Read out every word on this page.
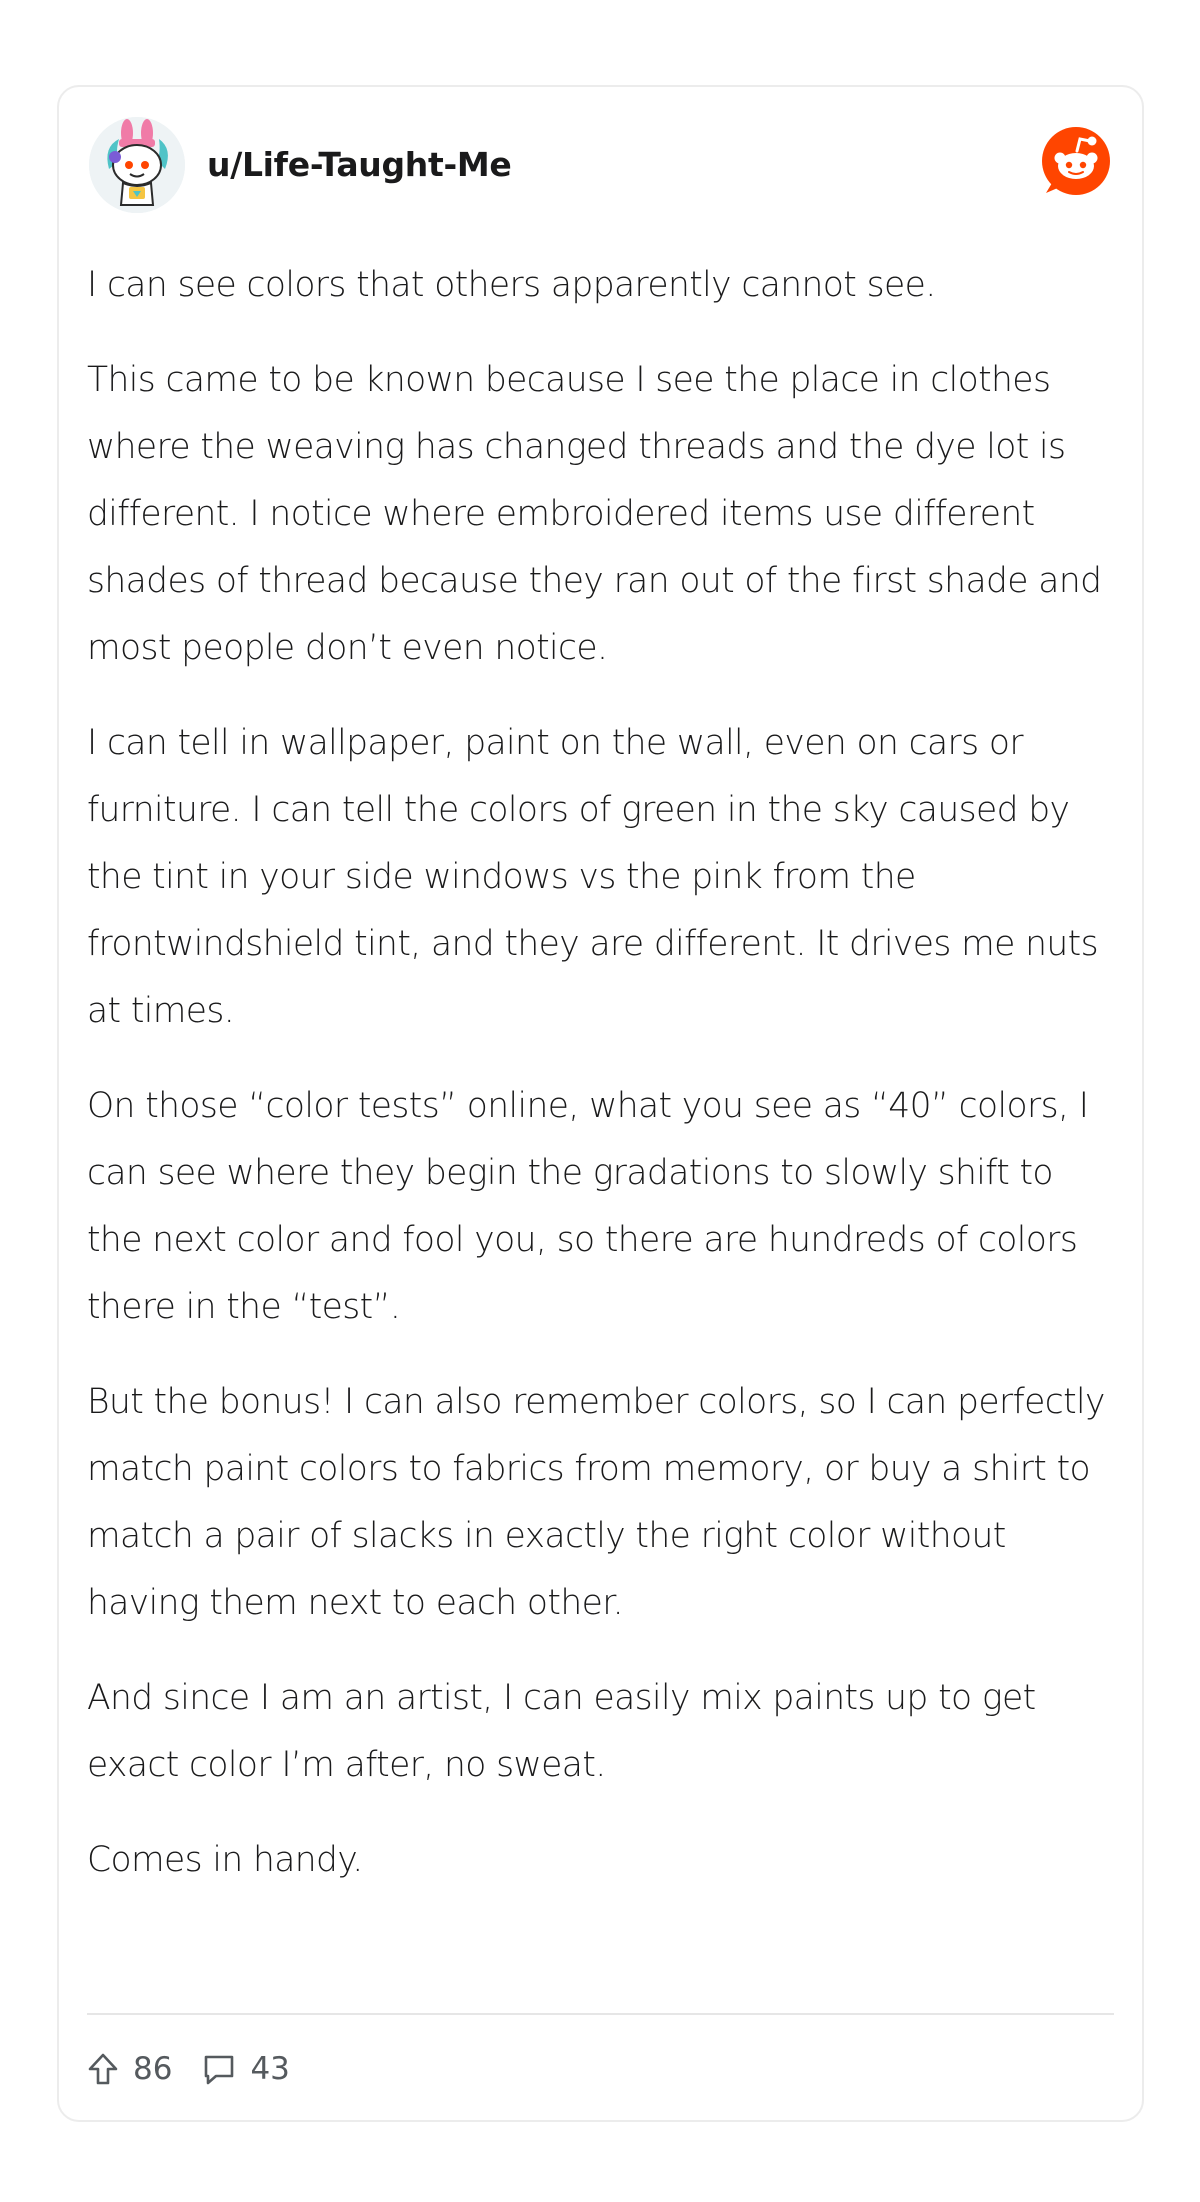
u/Life-Taught-Me

I can see colors that others apparently cannot see.

This came to be known because I see the place in clothes where the weaving has changed threads and the dye lot is different. I notice where embroidered items use different shades of thread because they ran out of the first shade and most people don’t even notice.

I can tell in wallpaper, paint on the wall, even on cars or furniture. I can tell the colors of green in the sky caused by the tint in your side windows vs the pink from the frontwindshield tint, and they are different. It drives me nuts at times.

On those “color tests” online, what you see as “40” colors, I can see where they begin the gradations to slowly shift to the next color and fool you, so there are hundreds of colors there in the “test”.

But the bonus! I can also remember colors, so I can perfectly match paint colors to fabrics from memory, or buy a shirt to match a pair of slacks in exactly the right color without having them next to each other.

And since I am an artist, I can easily mix paints up to get exact color I’m after, no sweat.

Comes in handy.

86	43
